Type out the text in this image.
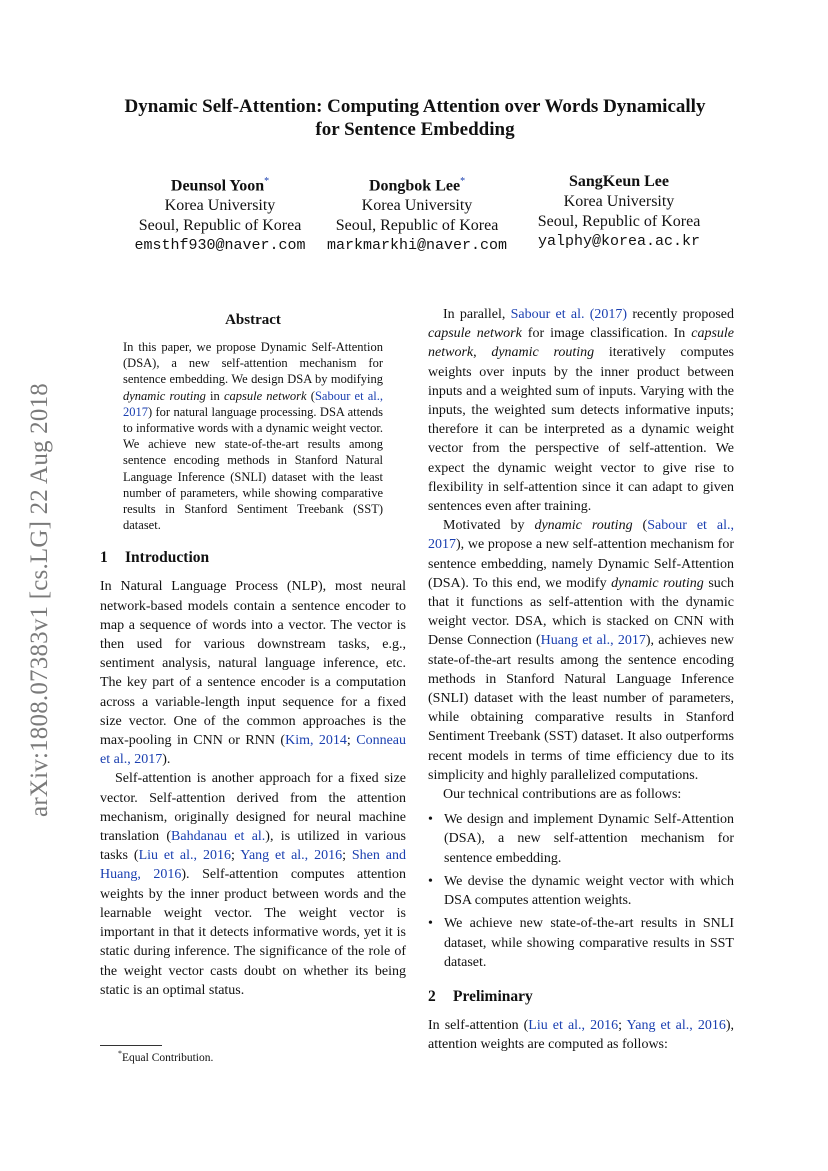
arXiv:1808.07383v1 [cs.LG] 22 Aug 2018
Dynamic Self-Attention: Computing Attention over Words Dynamically
for Sentence Embedding
Deunsol Yoon*
Korea University
Seoul, Republic of Korea
emsthf930@naver.com
Dongbok Lee*
Korea University
Seoul, Republic of Korea
markmarkhi@naver.com
SangKeun Lee
Korea University
Seoul, Republic of Korea
yalphy@korea.ac.kr
Abstract

In this paper, we propose Dynamic Self-Attention (DSA), a new self-attention mechanism for sentence embedding. We design DSA by modifying dynamic routing in capsule network (Sabour et al., 2017) for natural language processing. DSA attends to informative words with a dynamic weight vector. We achieve new state-of-the-art results among sentence encoding methods in Stanford Natural Language Inference (SNLI) dataset with the least number of parameters, while showing comparative results in Stanford Sentiment Treebank (SST) dataset.

1 Introduction

In Natural Language Process (NLP), most neural network-based models contain a sentence encoder to map a sequence of words into a vector. The vector is then used for various downstream tasks, e.g., sentiment analysis, natural language inference, etc. The key part of a sentence encoder is a computation across a variable-length input sequence for a fixed size vector. One of the common approaches is the max-pooling in CNN or RNN (Kim, 2014; Conneau et al., 2017).

Self-attention is another approach for a fixed size vector. Self-attention derived from the attention mechanism, originally designed for neural machine translation (Bahdanau et al.), is utilized in various tasks (Liu et al., 2016; Yang et al., 2016; Shen and Huang, 2016). Self-attention computes attention weights by the inner product between words and the learnable weight vector. The weight vector is important in that it detects informative words, yet it is static during inference. The significance of the role of the weight vector casts doubt on whether its being static is an optimal status.

In parallel, Sabour et al. (2017) recently proposed capsule network for image classification. In capsule network, dynamic routing iteratively computes weights over inputs by the inner product between inputs and a weighted sum of inputs. Varying with the inputs, the weighted sum detects informative inputs; therefore it can be interpreted as a dynamic weight vector from the perspective of self-attention. We expect the dynamic weight vector to give rise to flexibility in self-attention since it can adapt to given sentences even after training.

Motivated by dynamic routing (Sabour et al., 2017), we propose a new self-attention mechanism for sentence embedding, namely Dynamic Self-Attention (DSA). To this end, we modify dynamic routing such that it functions as self-attention with the dynamic weight vector. DSA, which is stacked on CNN with Dense Connection (Huang et al., 2017), achieves new state-of-the-art results among the sentence encoding methods in Stanford Natural Language Inference (SNLI) dataset with the least number of parameters, while obtaining comparative results in Stanford Sentiment Treebank (SST) dataset. It also outperforms recent models in terms of time efficiency due to its simplicity and highly parallelized computations.

Our technical contributions are as follows:

• We design and implement Dynamic Self-Attention (DSA), a new self-attention mechanism for sentence embedding.
• We devise the dynamic weight vector with which DSA computes attention weights.
• We achieve new state-of-the-art results in SNLI dataset, while showing comparative results in SST dataset.
2 Preliminary

In self-attention (Liu et al., 2016; Yang et al., 2016), attention weights are computed as follows:

*Equal Contribution.
